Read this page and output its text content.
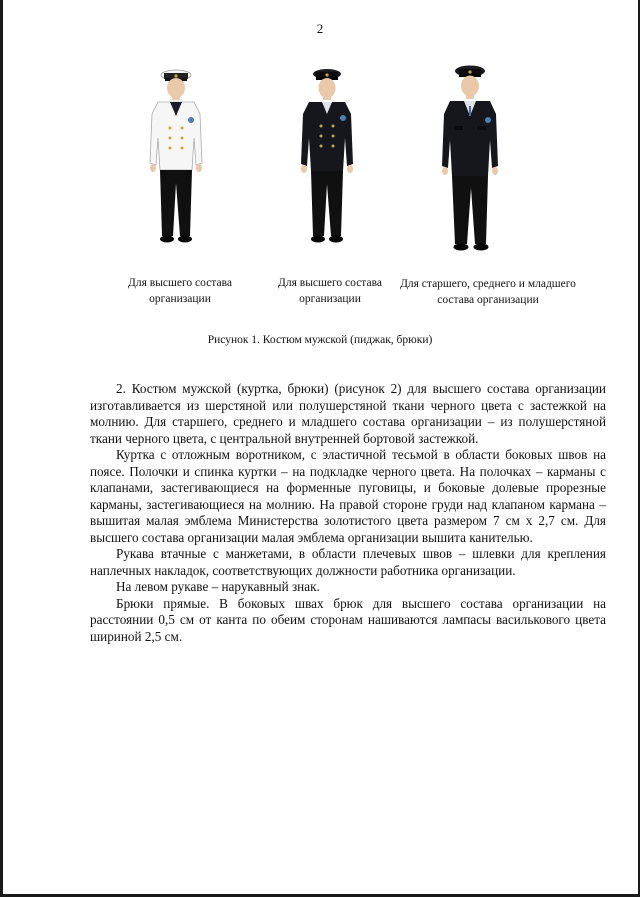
2
Для высшего состава организации
Для высшего состава организации
Для старшего, среднего и младшего состава организации
Рисунок 1. Костюм мужской (пиджак, брюки)

2. Костюм мужской (куртка, брюки) (рисунок 2) для высшего состава организации изготавливается из шерстяной или полушерстяной ткани черного цвета с застежкой на молнию. Для старшего, среднего и младшего состава организации – из полушерстяной ткани черного цвета, с центральной внутренней бортовой застежкой.

Куртка с отложным воротником, с эластичной тесьмой в области боковых швов на поясе. Полочки и спинка куртки – на подкладке черного цвета. На полочках – карманы с клапанами, застегивающиеся на форменные пуговицы, и боковые долевые прорезные карманы, застегивающиеся на молнию. На правой стороне груди над клапаном кармана – вышитая малая эмблема Министерства золотистого цвета размером 7 см х 2,7 см. Для высшего состава организации малая эмблема организации вышита канителью.

Рукава втачные с манжетами, в области плечевых швов – шлевки для крепления наплечных накладок, соответствующих должности работника организации.

На левом рукаве – нарукавный знак.

Брюки прямые. В боковых швах брюк для высшего состава организации на расстоянии 0,5 см от канта по обеим сторонам нашиваются лампасы василькового цвета шириной 2,5 см.
